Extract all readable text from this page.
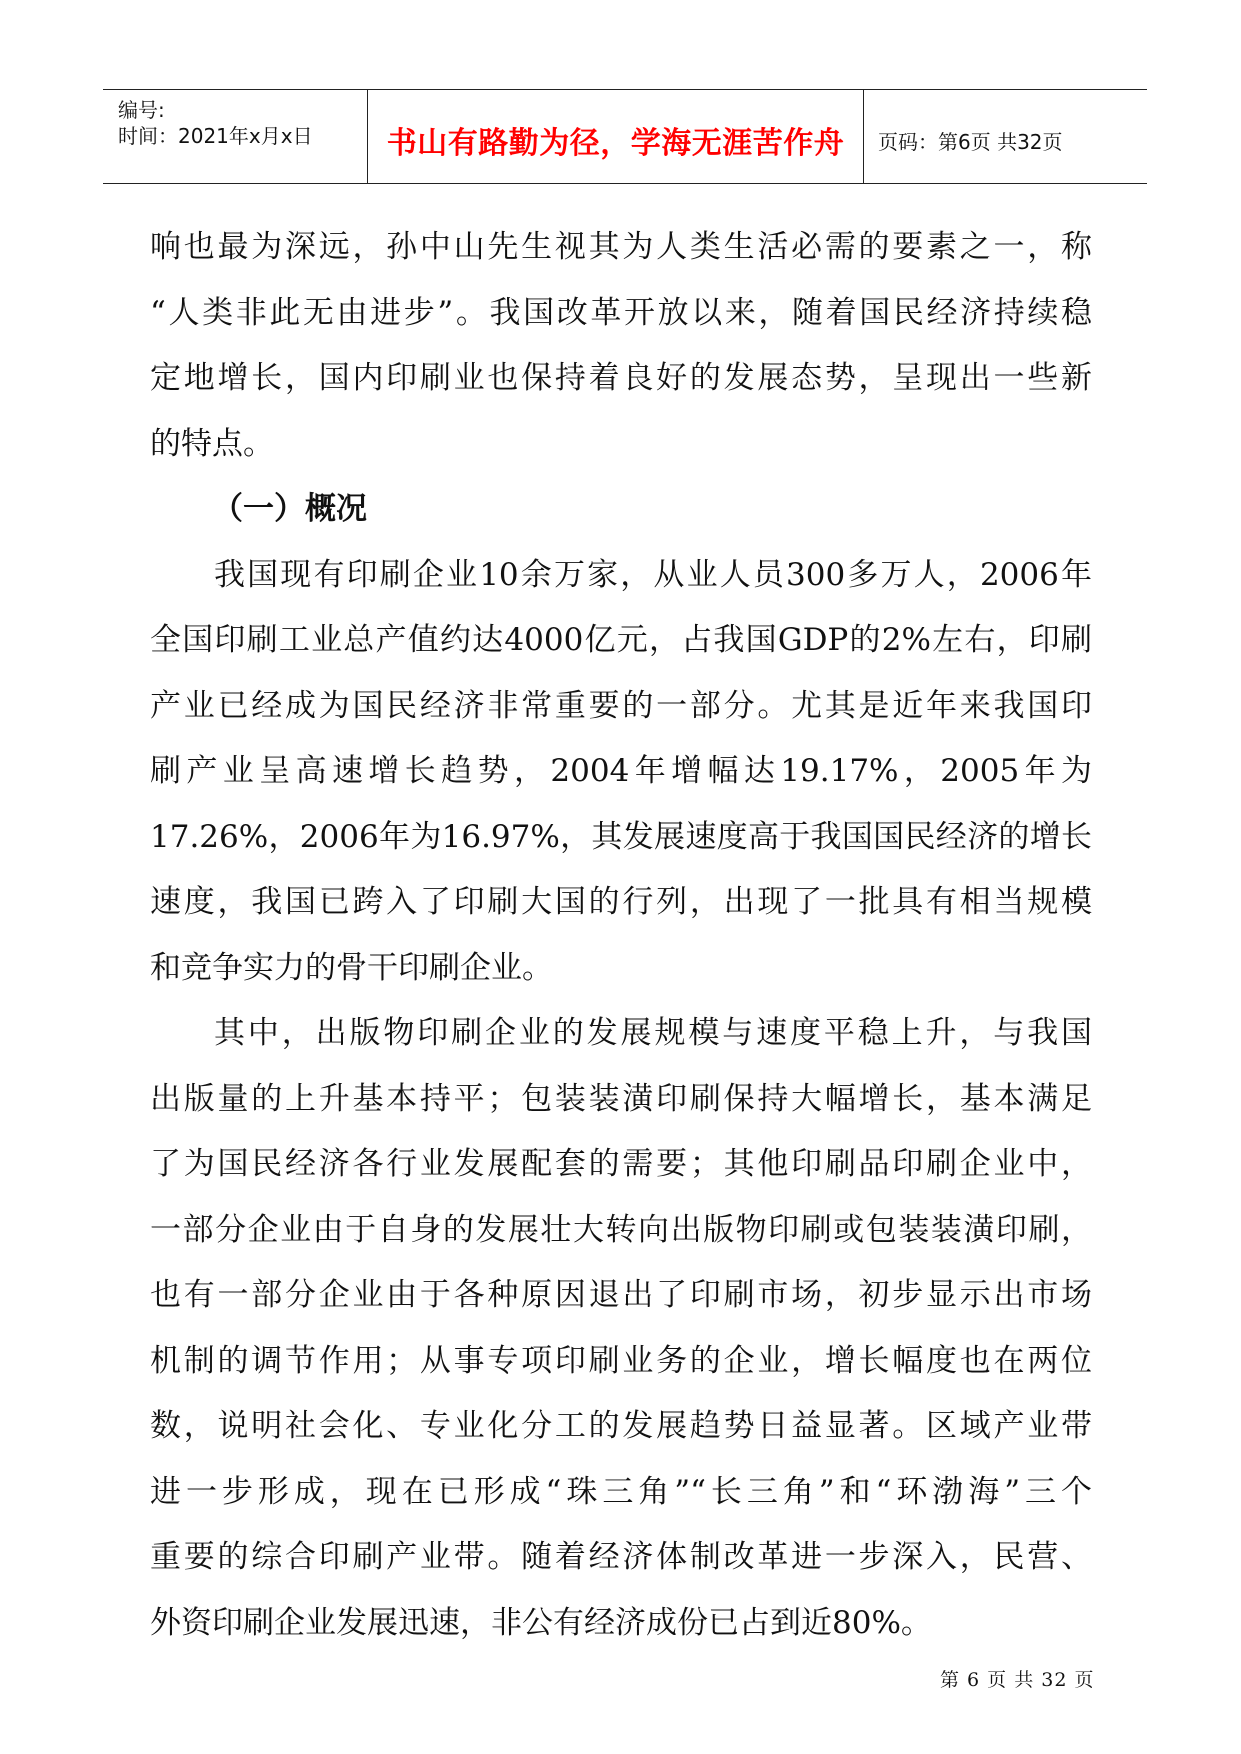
编号:
时间：2021年x月x日	书山有路勤为径，学海无涯苦作舟	页码：第6页 共32页
响也最为深远，孙中山先生视其为人类生活必需的要素之一，称
“人类非此无由进步”。我国改革开放以来，随着国民经济持续稳
定地增长，国内印刷业也保持着良好的发展态势，呈现出一些新
的特点。
（一）概况
我国现有印刷企业10余万家，从业人员300多万人，2006年
全国印刷工业总产值约达4000亿元，占我国GDP的2%左右，印刷
产业已经成为国民经济非常重要的一部分。尤其是近年来我国印
刷产业呈高速增长趋势，2004年增幅达19.17%，2005年为
17.26%，2006年为16.97%，其发展速度高于我国国民经济的增长
速度，我国已跨入了印刷大国的行列，出现了一批具有相当规模
和竞争实力的骨干印刷企业。
其中，出版物印刷企业的发展规模与速度平稳上升，与我国
出版量的上升基本持平；包装装潢印刷保持大幅增长，基本满足
了为国民经济各行业发展配套的需要；其他印刷品印刷企业中，
一部分企业由于自身的发展壮大转向出版物印刷或包装装潢印刷，
也有一部分企业由于各种原因退出了印刷市场，初步显示出市场
机制的调节作用；从事专项印刷业务的企业，增长幅度也在两位
数，说明社会化、专业化分工的发展趋势日益显著。区域产业带
进一步形成，现在已形成“珠三角”“长三角”和“环渤海”三个
重要的综合印刷产业带。随着经济体制改革进一步深入，民营、
外资印刷企业发展迅速，非公有经济成份已占到近80%。
第 6 页 共 32 页
